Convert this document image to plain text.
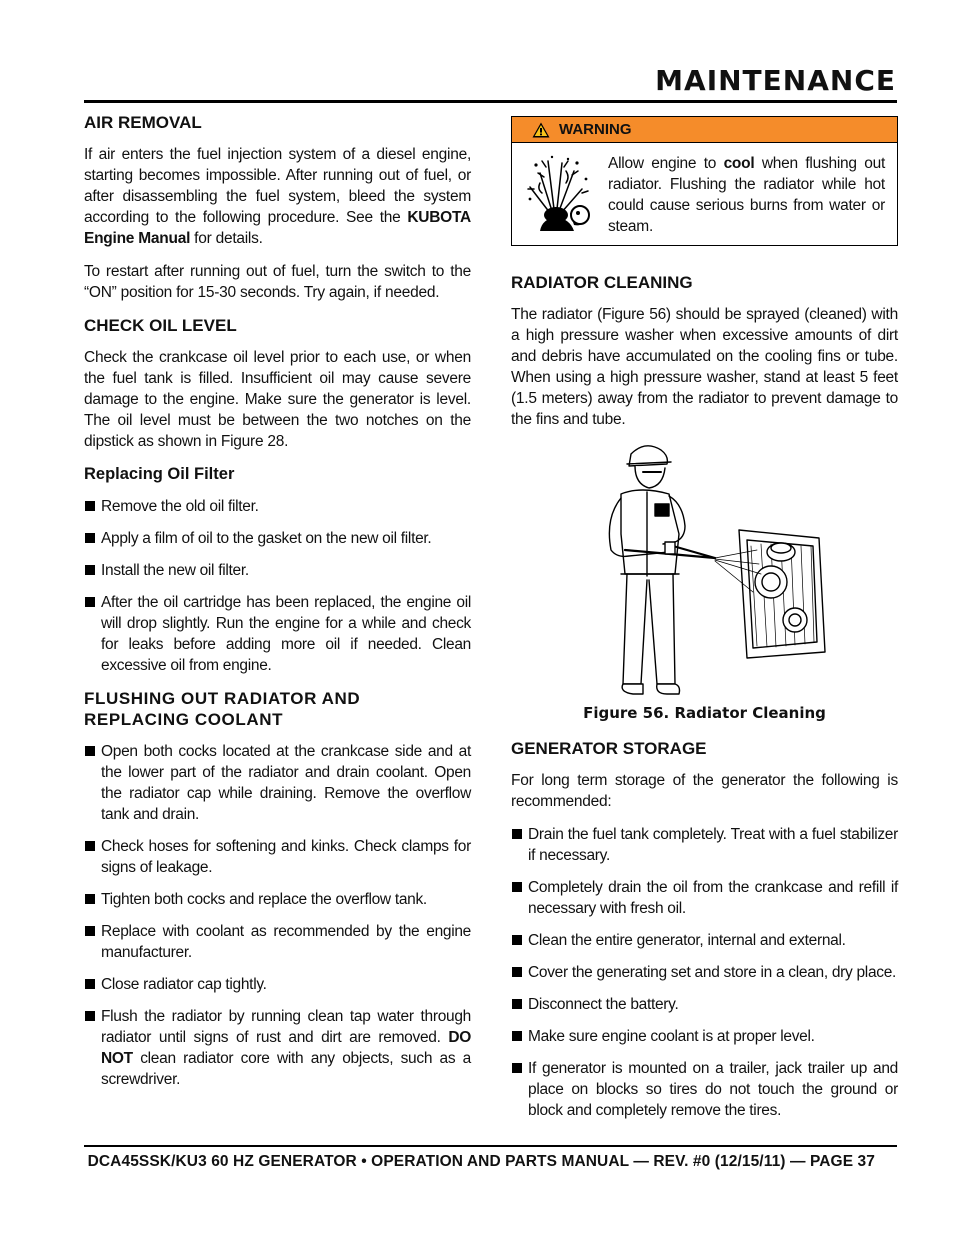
MAINTENANCE
AIR REMOVAL

If air enters the fuel injection system of a diesel engine, starting becomes impossible. After running out of fuel, or after disassembling the fuel system, bleed the system according to the following procedure. See the KUBOTA Engine Manual for details.

To restart after running out of fuel, turn the switch to the “ON” position for 15-30 seconds. Try again, if needed.

CHECK OIL LEVEL

Check the crankcase oil level prior to each use, or when the fuel tank is filled. Insufficient oil may cause severe damage to the engine. Make sure the generator is level. The oil level must be between the two notches on the dipstick as shown in Figure 28.

Replacing Oil Filter
Remove the old oil filter.
Apply a film of oil to the gasket on the new oil filter.
Install the new oil filter.
After the oil cartridge has been replaced, the engine oil will drop slightly. Run the engine for a while and check for leaks before adding more oil if needed. Clean excessive oil from engine.
FLUSHING OUT RADIATOR AND REPLACING COOLANT
Open both cocks located at the crankcase side and at the lower part of the radiator and drain coolant. Open the radiator cap while draining. Remove the overflow tank and drain.
Check hoses for softening and kinks. Check clamps for signs of leakage.
Tighten both cocks and replace the overflow tank.
Replace with coolant as recommended by the engine manufacturer.
Close radiator cap tightly.
Flush the radiator by running clean tap water through radiator until signs of rust and dirt are removed. DO NOT clean radiator core with any objects, such as a screwdriver.
WARNING

Allow engine to cool when flushing out radiator. Flushing the radiator while hot could cause serious burns from water or steam.

RADIATOR CLEANING

The radiator (Figure 56) should be sprayed (cleaned) with a high pressure washer when excessive amounts of dirt and debris have accumulated on the cooling fins or tube. When using a high pressure washer, stand at least 5 feet (1.5 meters) away from the radiator to prevent damage to the fins and tube.

Figure 56. Radiator Cleaning
GENERATOR STORAGE

For long term storage of the generator the following is recommended:

Drain the fuel tank completely. Treat with a fuel stabilizer if necessary.
Completely drain the oil from the crankcase and refill if necessary with fresh oil.
Clean the entire generator, internal and external.
Cover the generating set and store in a clean, dry place.
Disconnect the battery.
Make sure engine coolant is at proper level.
If generator is mounted on a trailer, jack trailer up and place on blocks so tires do not touch the ground or block and completely remove the tires.
DCA45SSK/KU3 60 HZ GENERATOR • OPERATION AND PARTS MANUAL — REV. #0 (12/15/11) — PAGE 37
